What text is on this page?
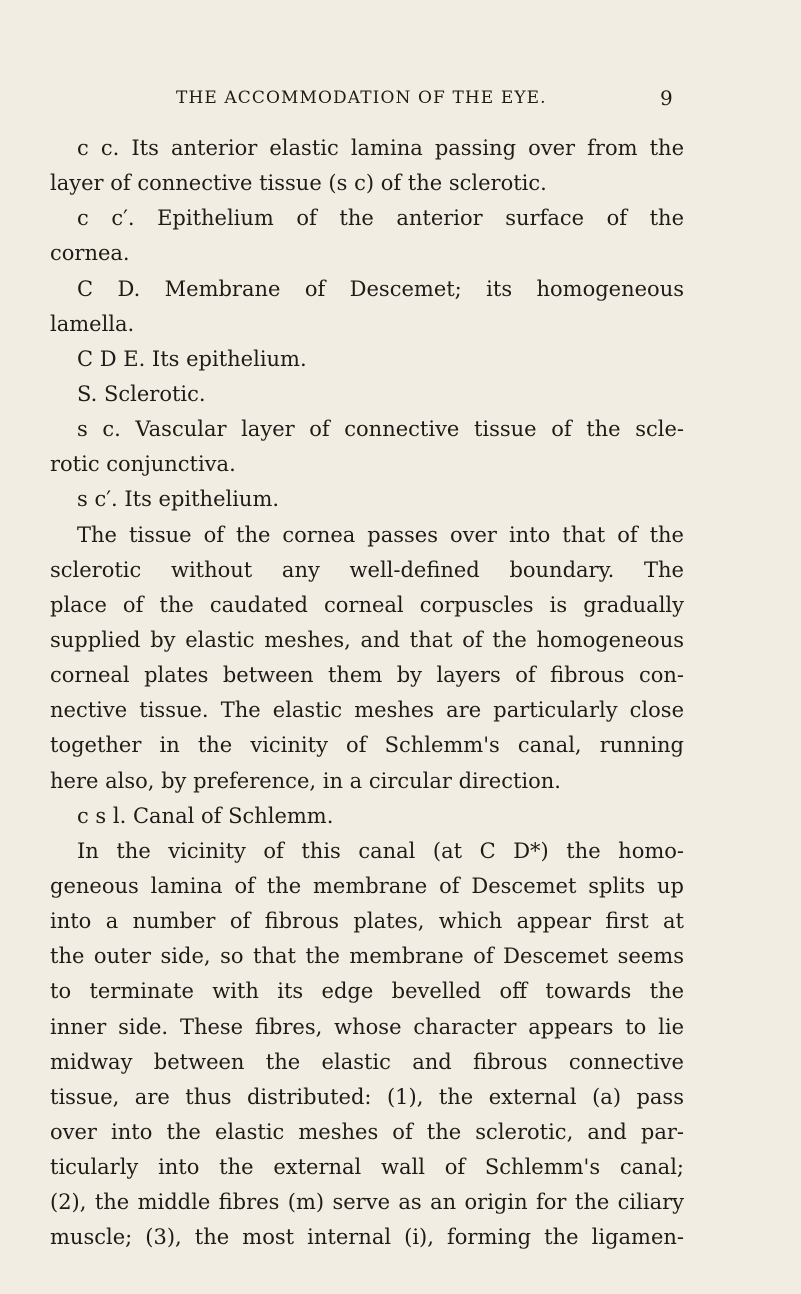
THE ACCOMMODATION OF THE EYE.	9
c c. Its anterior elastic lamina passing over from the
layer of connective tissue (s c) of the sclerotic.
c c′. Epithelium of the anterior surface of the
cornea.
C D. Membrane of Descemet; its homogeneous
lamella.
C D E. Its epithelium.
S. Sclerotic.
s c. Vascular layer of connective tissue of the scle-
rotic conjunctiva.
s c′. Its epithelium.
The tissue of the cornea passes over into that of the
sclerotic without any well-defined boundary. The
place of the caudated corneal corpuscles is gradually
supplied by elastic meshes, and that of the homogeneous
corneal plates between them by layers of fibrous con-
nective tissue. The elastic meshes are particularly close
together in the vicinity of Schlemm's canal, running
here also, by preference, in a circular direction.
c s l. Canal of Schlemm.
In the vicinity of this canal (at C D*) the homo-
geneous lamina of the membrane of Descemet splits up
into a number of fibrous plates, which appear first at
the outer side, so that the membrane of Descemet seems
to terminate with its edge bevelled off towards the
inner side. These fibres, whose character appears to lie
midway between the elastic and fibrous connective
tissue, are thus distributed: (1), the external (a) pass
over into the elastic meshes of the sclerotic, and par-
ticularly into the external wall of Schlemm's canal;
(2), the middle fibres (m) serve as an origin for the ciliary
muscle; (3), the most internal (i), forming the ligamen-
